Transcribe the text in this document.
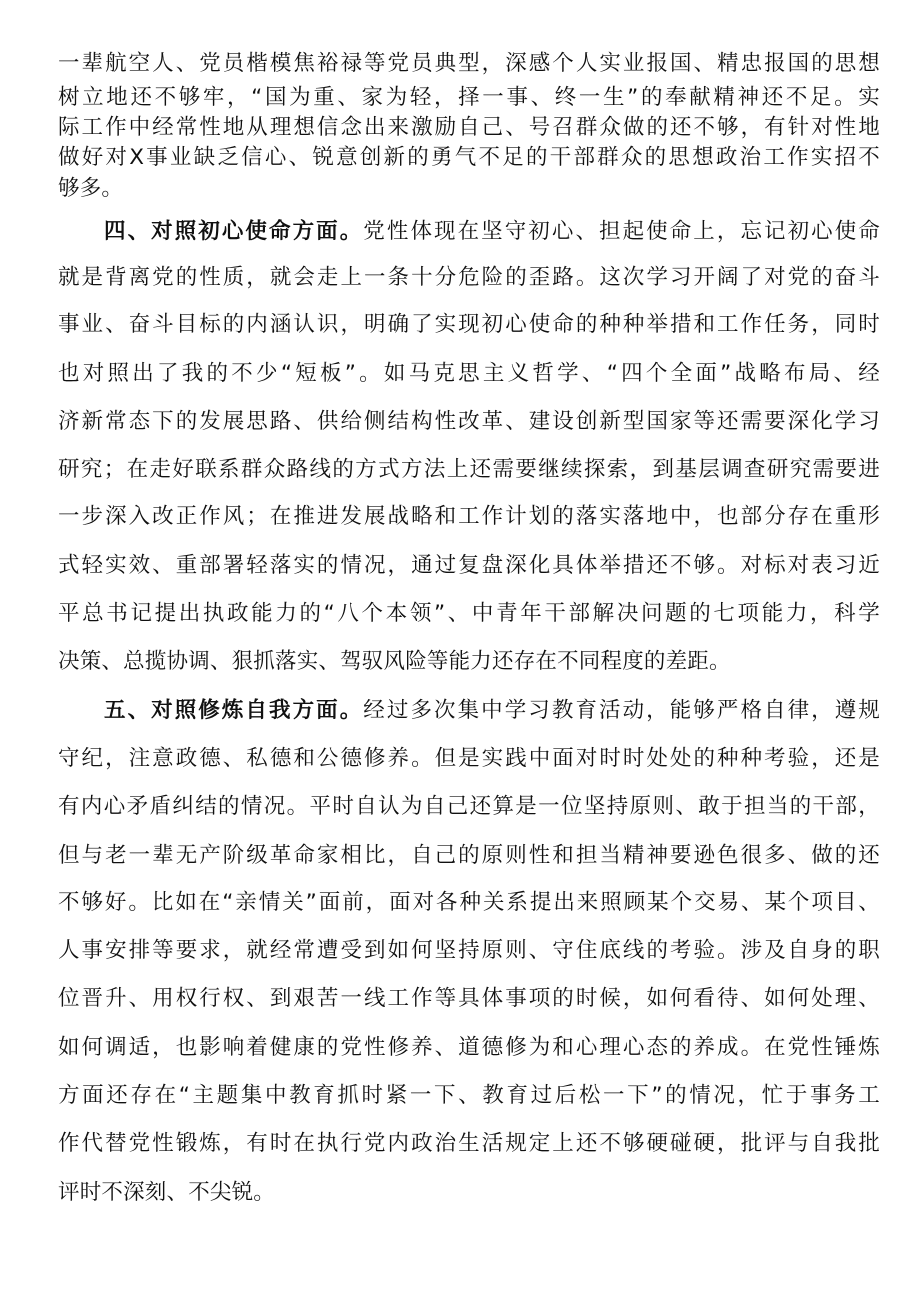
一辈航空人、党员楷模焦裕禄等党员典型，深感个人实业报国、精忠报国的思想
树立地还不够牢，“国为重、家为轻，择一事、终一生”的奉献精神还不足。实
际工作中经常性地从理想信念出来激励自己、号召群众做的还不够，有针对性地
做好对X事业缺乏信心、锐意创新的勇气不足的干部群众的思想政治工作实招不
够多。
四、对照初心使命方面。党性体现在坚守初心、担起使命上，忘记初心使命
就是背离党的性质，就会走上一条十分危险的歪路。这次学习开阔了对党的奋斗
事业、奋斗目标的内涵认识，明确了实现初心使命的种种举措和工作任务，同时
也对照出了我的不少“短板”。如马克思主义哲学、“四个全面”战略布局、经
济新常态下的发展思路、供给侧结构性改革、建设创新型国家等还需要深化学习
研究；在走好联系群众路线的方式方法上还需要继续探索，到基层调查研究需要进
一步深入改正作风；在推进发展战略和工作计划的落实落地中，也部分存在重形
式轻实效、重部署轻落实的情况，通过复盘深化具体举措还不够。对标对表习近
平总书记提出执政能力的“八个本领”、中青年干部解决问题的七项能力，科学
决策、总揽协调、狠抓落实、驾驭风险等能力还存在不同程度的差距。
五、对照修炼自我方面。经过多次集中学习教育活动，能够严格自律，遵规
守纪，注意政德、私德和公德修养。但是实践中面对时时处处的种种考验，还是
有内心矛盾纠结的情况。平时自认为自己还算是一位坚持原则、敢于担当的干部，
但与老一辈无产阶级革命家相比，自己的原则性和担当精神要逊色很多、做的还
不够好。比如在“亲情关”面前，面对各种关系提出来照顾某个交易、某个项目、
人事安排等要求，就经常遭受到如何坚持原则、守住底线的考验。涉及自身的职
位晋升、用权行权、到艰苦一线工作等具体事项的时候，如何看待、如何处理、
如何调适，也影响着健康的党性修养、道德修为和心理心态的养成。在党性锤炼
方面还存在“主题集中教育抓时紧一下、教育过后松一下”的情况，忙于事务工
作代替党性锻炼，有时在执行党内政治生活规定上还不够硬碰硬，批评与自我批
评时不深刻、不尖锐。
